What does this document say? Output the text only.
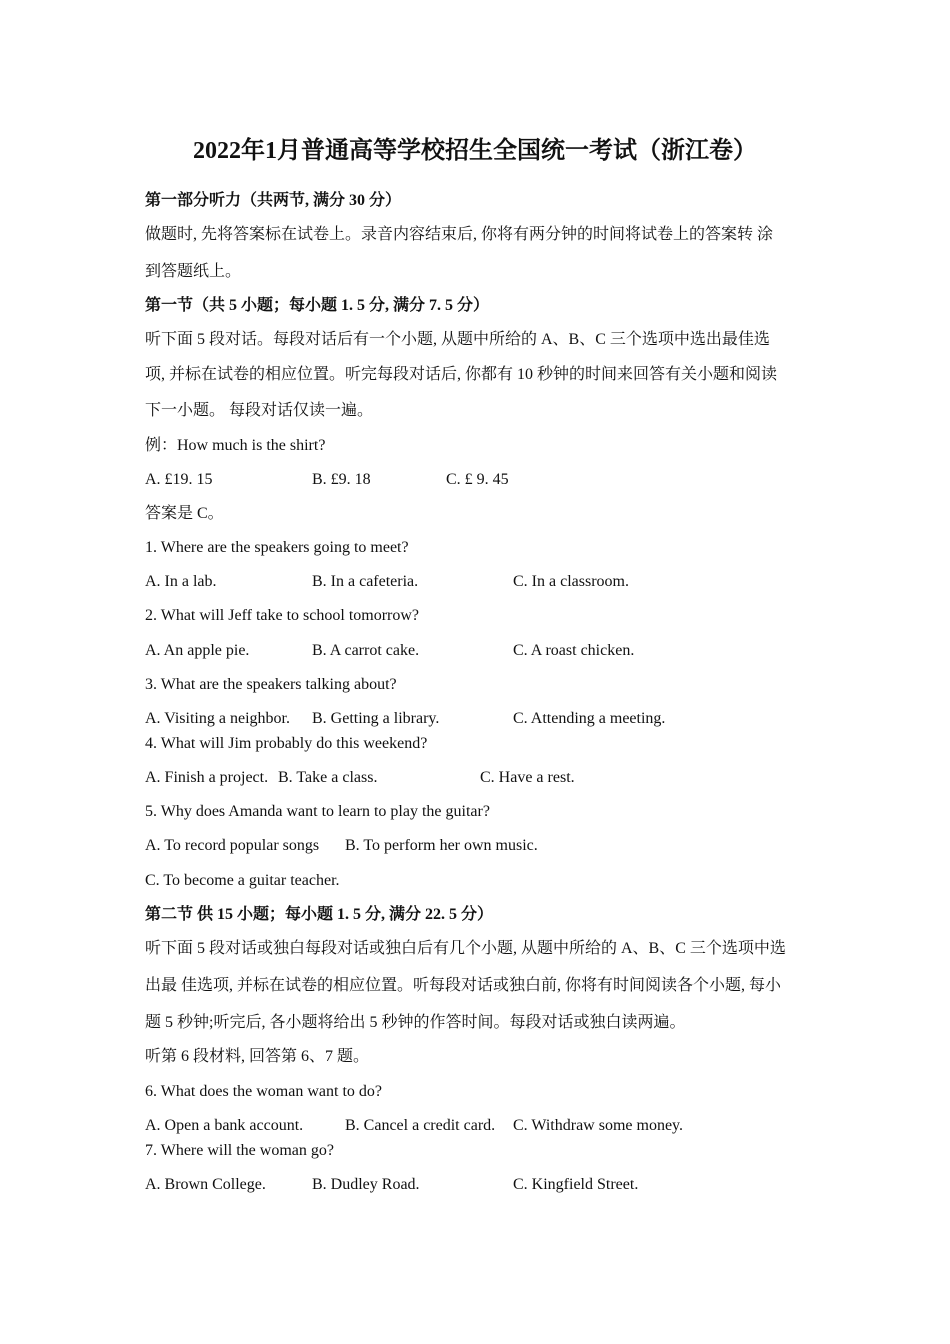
2022年1月普通高等学校招生全国统一考试（浙江卷）
第一部分听力（共两节, 满分 30 分）
做题时, 先将答案标在试卷上。录音内容结束后, 你将有两分钟的时间将试卷上的答案转 涂
到答题纸上。
第一节（共 5 小题；每小题 1. 5 分, 满分 7. 5 分）
听下面 5 段对话。每段对话后有一个小题, 从题中所给的 A、B、C 三个选项中选出最佳选
项, 并标在试卷的相应位置。听完每段对话后, 你都有 10 秒钟的时间来回答有关小题和阅读
下一小题。 每段对话仅读一遍。
例：How much is the shirt?
A. £19. 15	B. £9. 18	C. £ 9. 45
答案是 C。
1. Where are the speakers going to meet?
A. In a lab.	B. In a cafeteria.	C. In a classroom.
2. What will Jeff take to school tomorrow?
A. An apple pie.	B. A carrot cake.	C. A roast chicken.
3. What are the speakers talking about?
A. Visiting a neighbor. B. Getting a library.	C. Attending a meeting.
4. What will Jim probably do this weekend?
A. Finish a project. B. Take a class.	C. Have a rest.
5. Why does Amanda want to learn to play the guitar?
A. To record popular songs B. To perform her own music.
C. To become a guitar teacher.
第二节 供 15 小题；每小题 1. 5 分, 满分 22. 5 分）
听下面 5 段对话或独白每段对话或独白后有几个小题, 从题中所给的 A、B、C 三个选项中选
出最 佳选项, 并标在试卷的相应位置。听每段对话或独白前, 你将有时间阅读各个小题, 每小
题 5 秒钟;听完后, 各小题将给出 5 秒钟的作答时间。每段对话或独白读两遍。
听第 6 段材料, 回答第 6、7 题。
6. What does the woman want to do?
A. Open a bank account.	B. Cancel a credit card. C. Withdraw some money.
7. Where will the woman go?
A. Brown College.	B. Dudley Road.	C. Kingfield Street.
